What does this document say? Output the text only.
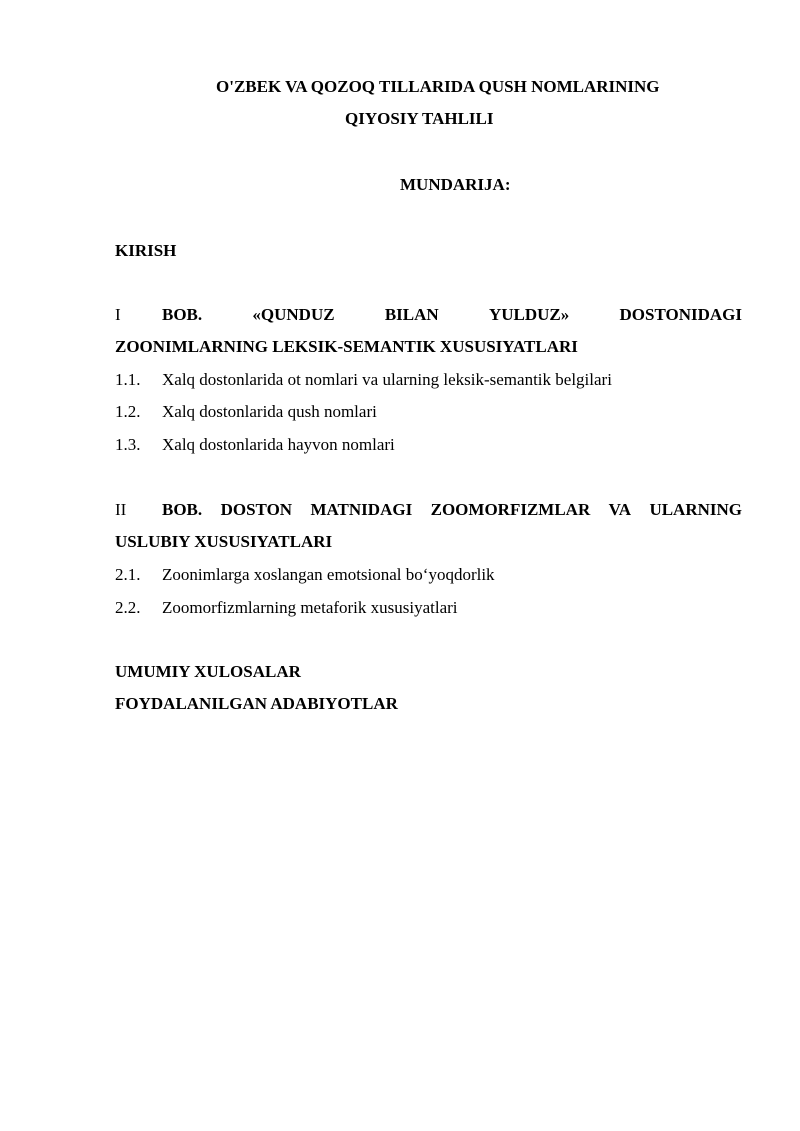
O'ZBEK VA QOZOQ TILLARIDA QUSH NOMLARINING
QIYOSIY TAHLILI
MUNDARIJA:
KIRISH
I	BOB.	«QUNDUZ	BILAN	YULDUZ»	DOSTONIDAGI
ZOONIMLARNING LEKSIK-SEMANTIK XUSUSIYATLARI
1.1.	Xalq dostonlarida ot nomlari va ularning leksik-semantik belgilari
1.2.	Xalq dostonlarida qush nomlari
1.3.	Xalq dostonlarida hayvon nomlari
II	BOB. DOSTON MATNIDAGI ZOOMORFIZMLAR VA ULARNING
USLUBIY XUSUSIYATLARI
2.1.	Zoonimlarga xoslangan emotsional bo‘yoqdorlik
2.2.	Zoomorfizmlarning metaforik xususiyatlari
UMUMIY XULOSALAR
FOYDALANILGAN ADABIYOTLAR
